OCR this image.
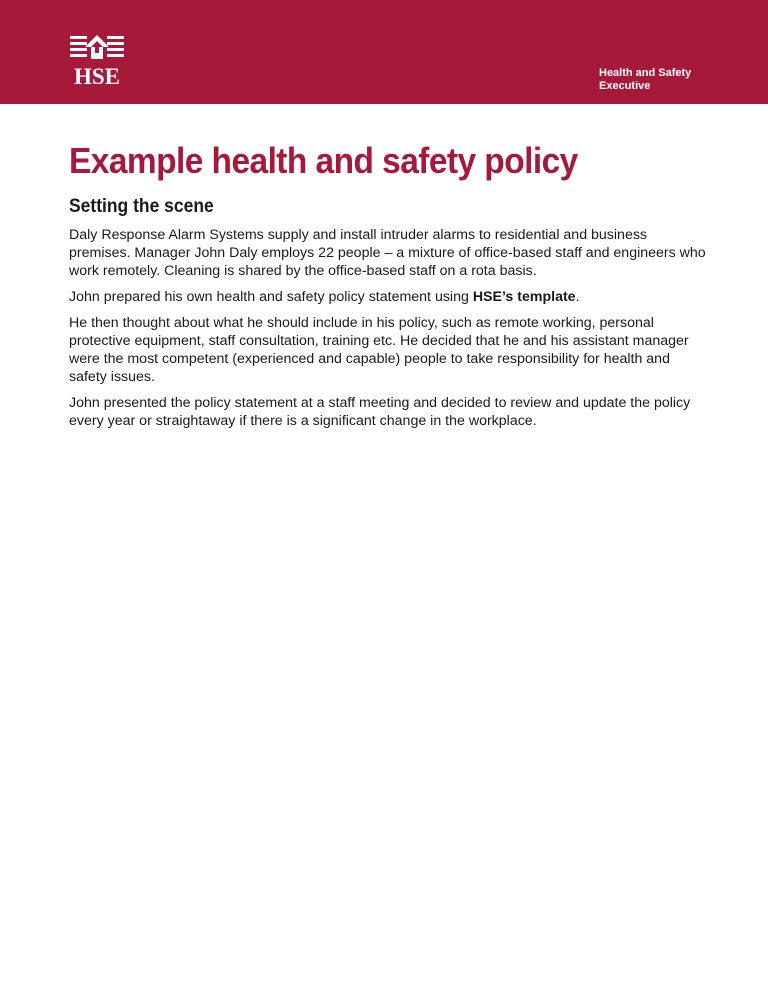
HSE	Health and Safety
Executive
Example health and safety policy
Setting the scene

Daly Response Alarm Systems supply and install intruder alarms to residential and business premises. Manager John Daly employs 22 people – a mixture of office-based staff and engineers who work remotely. Cleaning is shared by the office-based staff on a rota basis.

John prepared his own health and safety policy statement using HSE’s template.

He then thought about what he should include in his policy, such as remote working, personal protective equipment, staff consultation, training etc. He decided that he and his assistant manager were the most competent (experienced and capable) people to take responsibility for health and safety issues.

John presented the policy statement at a staff meeting and decided to review and update the policy every year or straightaway if there is a significant change in the workplace.
